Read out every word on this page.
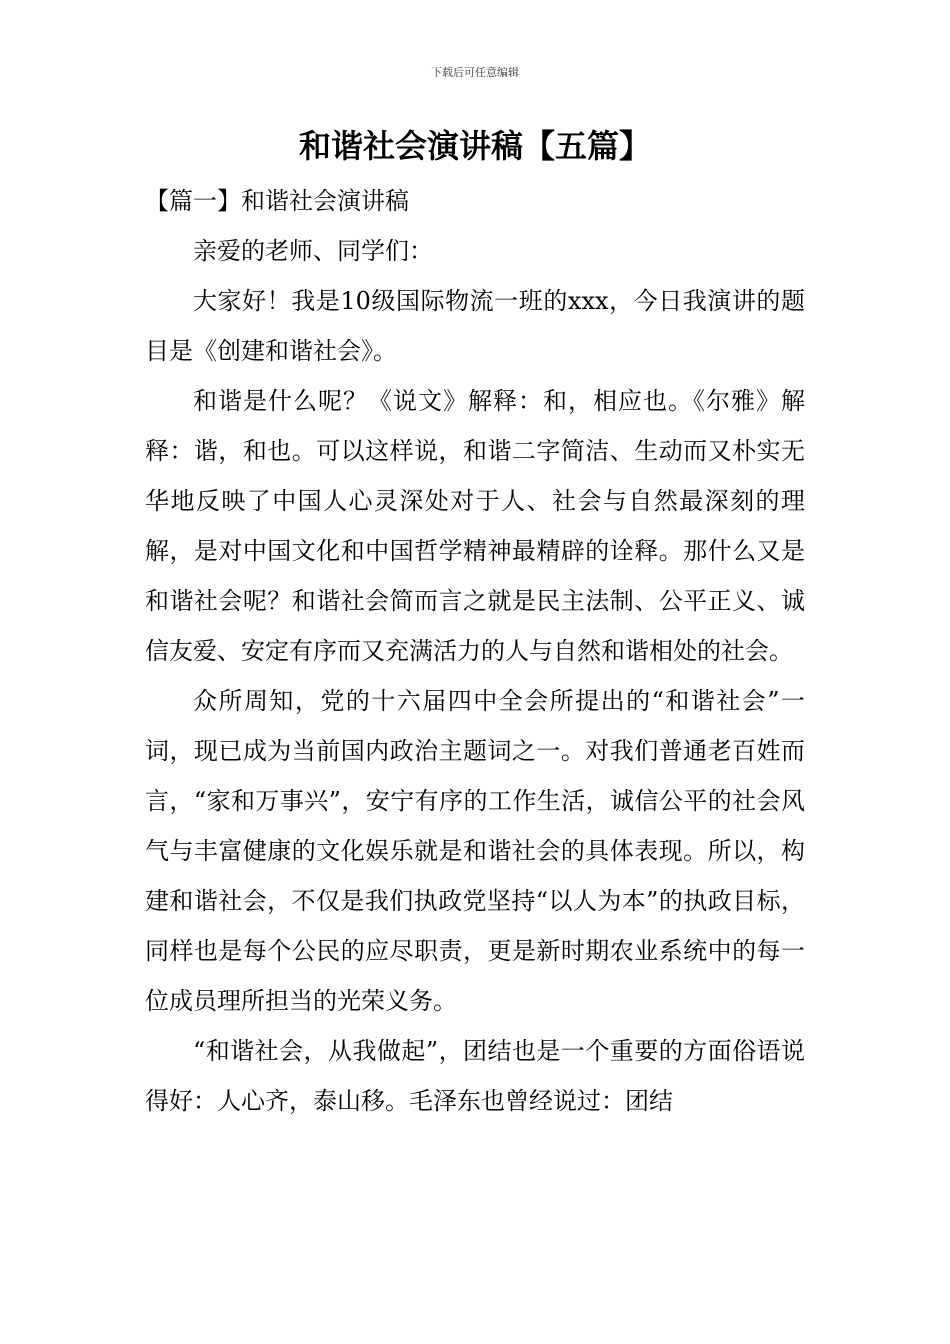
下载后可任意编辑
和谐社会演讲稿【五篇】

【篇一】和谐社会演讲稿

亲爱的老师、同学们：

大家好！我是10级国际物流一班的xxx，今日我演讲的题目是《创建和谐社会》。

和谐是什么呢？《说文》解释：和，相应也。《尔雅》解释：谐，和也。可以这样说，和谐二字简洁、生动而又朴实无华地反映了中国人心灵深处对于人、社会与自然最深刻的理解，是对中国文化和中国哲学精神最精辟的诠释。那什么又是和谐社会呢？和谐社会简而言之就是民主法制、公平正义、诚信友爱、安定有序而又充满活力的人与自然和谐相处的社会。

众所周知，党的十六届四中全会所提出的“和谐社会”一词，现已成为当前国内政治主题词之一。对我们普通老百姓而言，“家和万事兴”，安宁有序的工作生活，诚信公平的社会风气与丰富健康的文化娱乐就是和谐社会的具体表现。所以，构建和谐社会，不仅是我们执政党坚持“以人为本”的执政目标，同样也是每个公民的应尽职责，更是新时期农业系统中的每一位成员理所担当的光荣义务。

“和谐社会，从我做起”，团结也是一个重要的方面俗语说得好：人心齐，泰山移。毛泽东也曾经说过：团结
